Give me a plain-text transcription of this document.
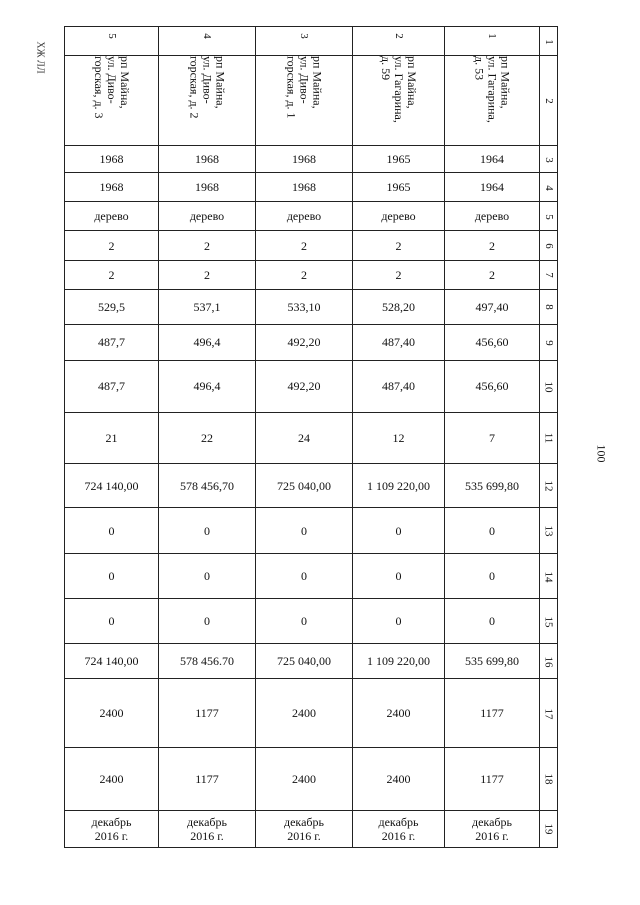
ХЖ ЛЛ
100
5	4	3	2	1	1
рп Майна,
ул. Диво-
горская, д. 3	рп Майна,
ул. Диво-
горская, д. 2	рп Майна,
ул. Диво-
горская, д. 1	рп Майна,
ул. Гагарина,
д. 59	рп Майна,
ул. Гагарина,
д. 53	2
1968	1968	1968	1965	1964	3
1968	1968	1968	1965	1964	4
дерево	дерево	дерево	дерево	дерево	5
2	2	2	2	2	6
2	2	2	2	2	7
529,5	537,1	533,10	528,20	497,40	8
487,7	496,4	492,20	487,40	456,60	9
487,7	496,4	492,20	487,40	456,60	10
21	22	24	12	7	11
724 140,00	578 456,70	725 040,00	1 109 220,00	535 699,80	12
0	0	0	0	0	13
0	0	0	0	0	14
0	0	0	0	0	15
724 140,00	578 456.70	725 040,00	1 109 220,00	535 699,80	16
2400	1177	2400	2400	1177	17
2400	1177	2400	2400	1177	18
декабрь
2016 г.	декабрь
2016 г.	декабрь
2016 г.	декабрь
2016 г.	декабрь
2016 г.	19
